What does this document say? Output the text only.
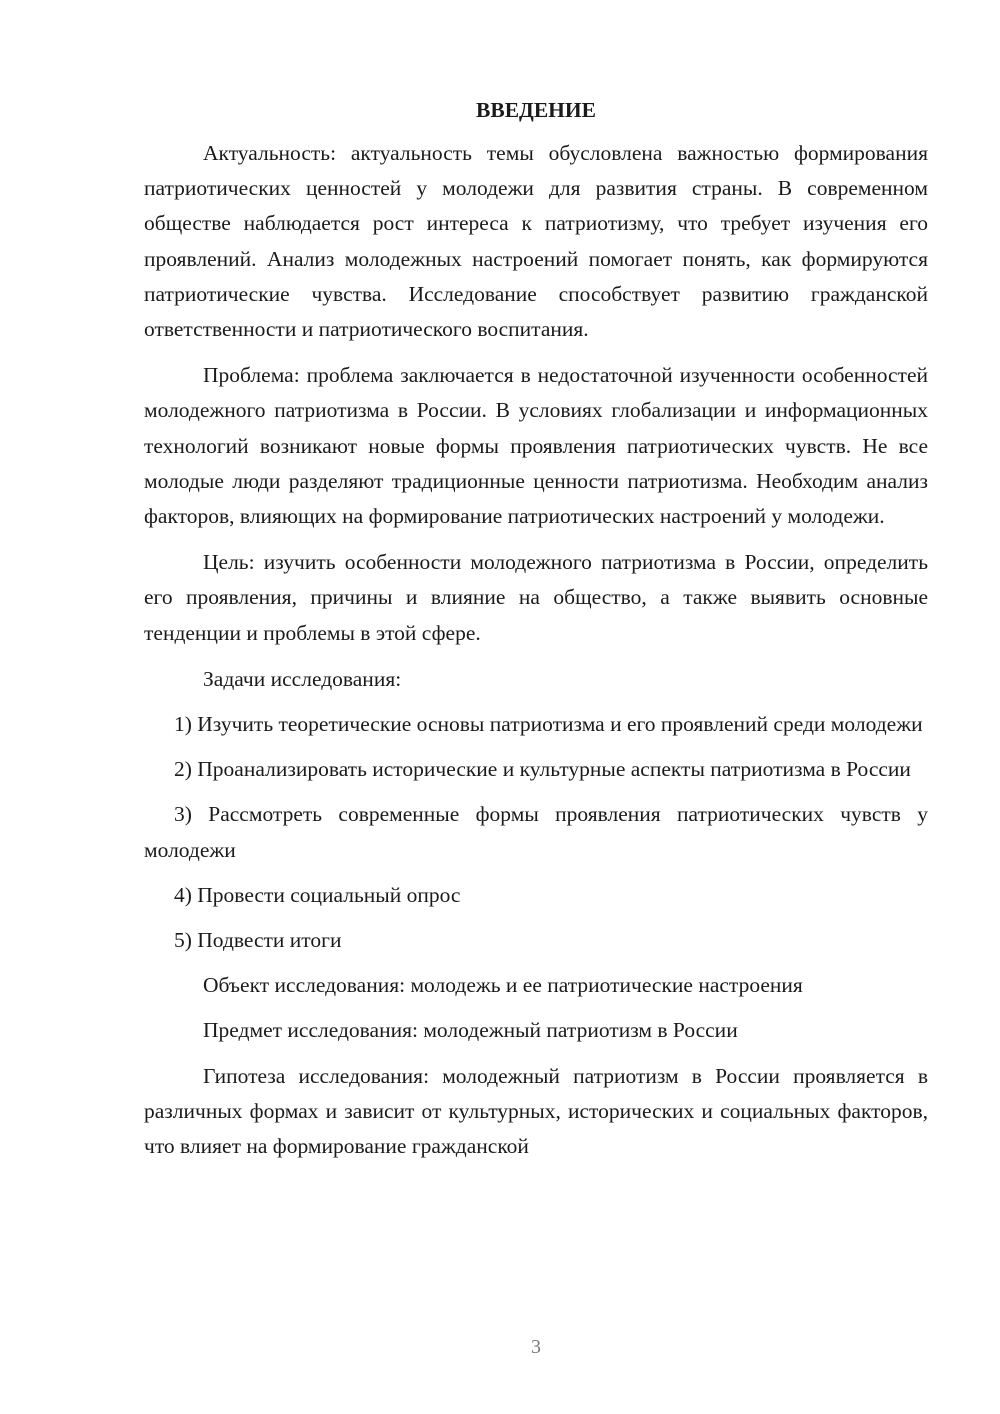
ВВЕДЕНИЕ

Актуальность: актуальность темы обусловлена важностью формирования патриотических ценностей у молодежи для развития страны. В современном обществе наблюдается рост интереса к патриотизму, что требует изучения его проявлений. Анализ молодежных настроений помогает понять, как формируются патриотические чувства. Исследование способствует развитию гражданской ответственности и патриотического воспитания.

Проблема: проблема заключается в недостаточной изученности особенностей молодежного патриотизма в России. В условиях глобализации и информационных технологий возникают новые формы проявления патриотических чувств. Не все молодые люди разделяют традиционные ценности патриотизма. Необходим анализ факторов, влияющих на формирование патриотических настроений у молодежи.

Цель: изучить особенности молодежного патриотизма в России, определить его проявления, причины и влияние на общество, а также выявить основные тенденции и проблемы в этой сфере.

Задачи исследования:

1) Изучить теоретические основы патриотизма и его проявлений среди молодежи

2) Проанализировать исторические и культурные аспекты патриотизма в России

3) Рассмотреть современные формы проявления патриотических чувств у молодежи

4) Провести социальный опрос

5) Подвести итоги

Объект исследования: молодежь и ее патриотические настроения

Предмет исследования: молодежный патриотизм в России

Гипотеза исследования: молодежный патриотизм в России проявляется в различных формах и зависит от культурных, исторических и социальных факторов, что влияет на формирование гражданской

3
